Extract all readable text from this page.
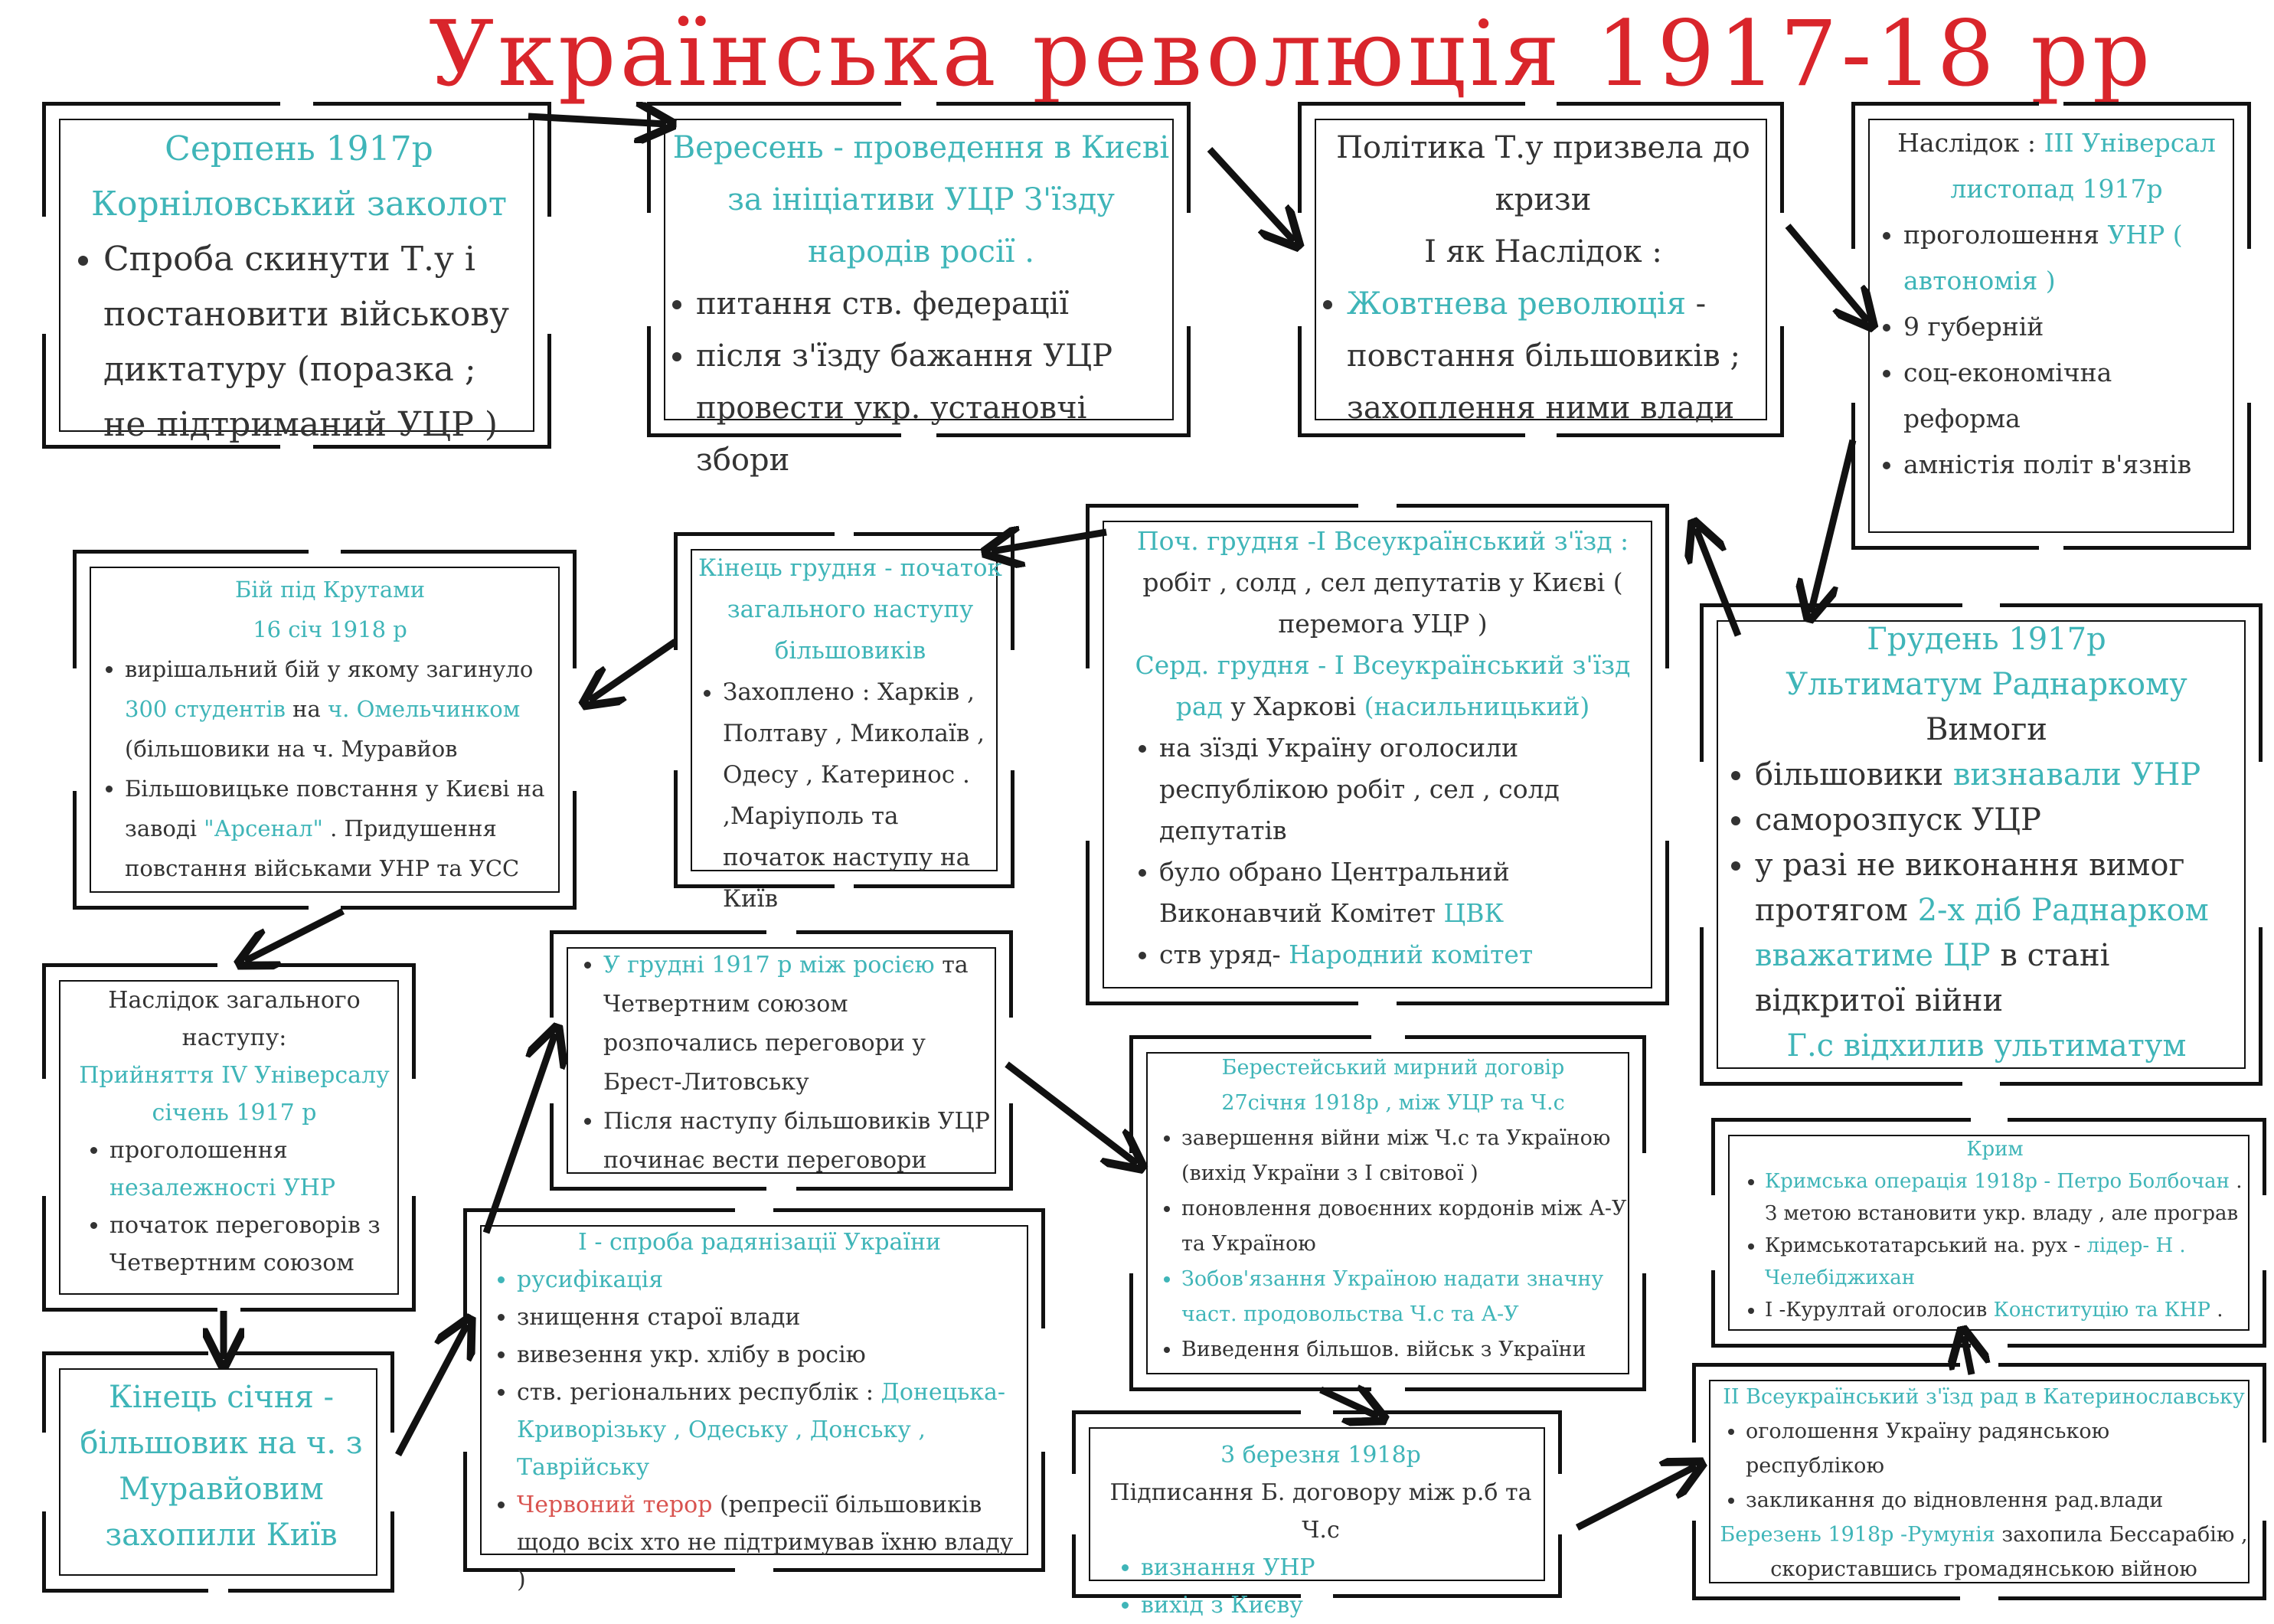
Українська революція 1917-18 рр
Серпень 1917р
Корніловський заколот
• Спроба скинути Т.у і постановити військову диктатуру (поразка ; не підтриманий УЦР )
Вересень - проведення в Києві за ініціативи УЦР З'їзду народів росії .
• питання ств. федерації
• після з'їзду бажання УЦР провести укр. установчі збори
Політика Т.у призвела до кризи
І як Наслідок :
• Жовтнева революція - повстання більшовиків ; захоплення ними влади
Наслідок : III Універсал листопад 1917р
• проголошення УНР ( автономія )
• 9 губерній
• соц-економічна реформа
• амністія політ в'язнів
Бій під Крутами
16 січ 1918 р
• вирішальний бій у якому загинуло 300 студентів на ч. Омельчинком (більшовики на ч. Муравйов
• Більшовицьке повстання у Києві на заводі "Арсенал" . Придушення повстання військами УНР та УСС
Кінець грудня - початок загального наступу більшовиків
• Захоплено : Харків , Полтаву , Миколаїв , Одесу , Катеринос . ,Маріуполь та початок наступу на Київ
Поч. грудня -І Всеукраїнський з'їзд : робіт , солд , сел депутатів у Києві ( перемога УЦР )
Серд. грудня - І Всеукраїнський з'їзд рад у Харкові (насильницький)
• на зїзді Україну оголосили республікою робіт , сел , солд депутатів
• було обрано Центральний Виконавчий Комітет ЦВК
• ств уряд- Народний комітет
Грудень 1917р
Ультиматум Раднаркому
Вимоги
• більшовики визнавали УНР
• саморозпуск УЦР
• у разі не виконання вимог протягом 2-х діб Раднарком вважатиме ЦР в стані відкритої війни
Г.с відхилив ультиматум
Наслідок загального наступу:
Прийняття IV Універсалу січень 1917 р
• проголошення незалежності УНР
• початок переговорів з Четвертним союзом
• У грудні 1917 р між росією та Четвертним союзом розпочались переговори у Брест-Литовську
• Після наступу більшовиків УЦР починає вести переговори
Берестейський мирний договір
27січня 1918р , між УЦР та Ч.с
• завершення війни між Ч.с та Україною (вихід України з І світової )
• поновлення довоєнних кордонів між А-У та Україною
• Зобов'язання Україною надати значну част. продовольства Ч.с та А-У
• Виведення більшов. військ з України
Крим
• Кримська операція 1918р - Петро Болбочан . З метою встановити укр. владу , але програв
• Кримськотатарський на. рух - лідер- Н . Челебіджихан
• І -Курултай оголосив Конституцію та КНР .
Кінець січня - більшовик на ч. з Муравйовим захопили Київ
І - спроба радянізації України
• русифікація
• знищення старої влади
• вивезення укр. хлібу в росію
• ств. регіональних республік : Донецька-Криворізьку , Одеську , Донську , Таврійську
• Червоний терор (репресії більшовиків щодо всіх хто не підтримував їхню владу )
3 березня 1918р
Підписання Б. договору між р.б та Ч.с
• визнання УНР
• вихід з Києву
ІІ Всеукраїнський з'їзд рад в Катеринославську
• оголошення Україну радянською республікою
• закликання до відновлення рад.влади
Березень 1918р -Румунія захопила Бессарабію , скориставшись громадянською війною
